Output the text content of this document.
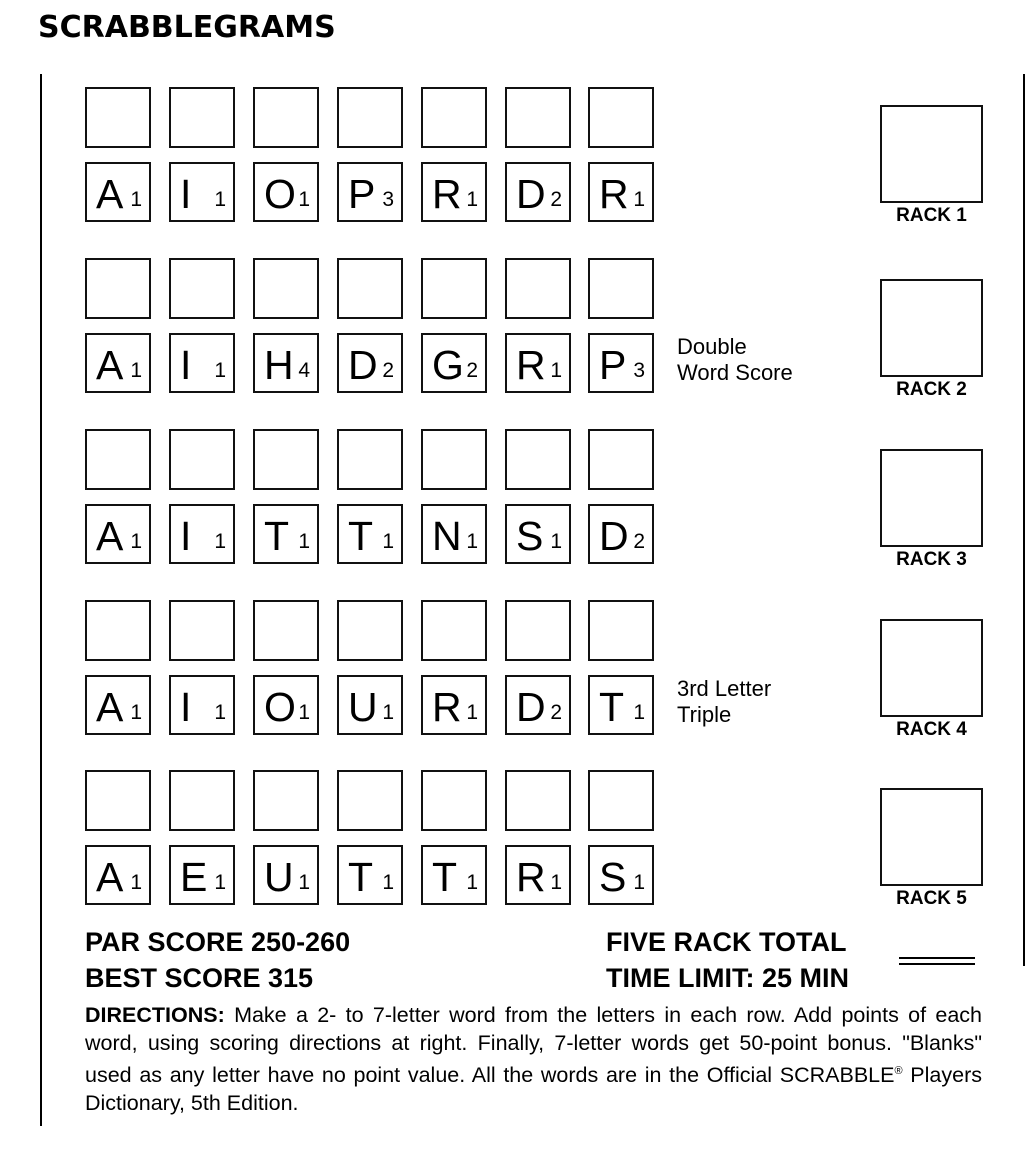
SCRABBLEGRAMS
A 1 I 1 O 1 P 3 R 1 D 2 R 1
RACK 1
A 1 I 1 H 4 D 2 G 2 R 1 P 3
Double
Word Score
RACK 2
A 1 I 1 T 1 T 1 N 1 S 1 D 2
RACK 3
A 1 I 1 O 1 U 1 R 1 D 2 T 1
3rd Letter
Triple
RACK 4
A 1 E 1 U 1 T 1 T 1 R 1 S 1
RACK 5
PAR SCORE 250-260
BEST SCORE 315
FIVE RACK TOTAL
TIME LIMIT: 25 MIN
DIRECTIONS: Make a 2- to 7-letter word from the letters in each row. Add points of each word, using scoring directions at right. Finally, 7-letter words get 50-point bonus. "Blanks" used as any letter have no point value. All the words are in the Official SCRABBLE® Players Dictionary, 5th Edition.
